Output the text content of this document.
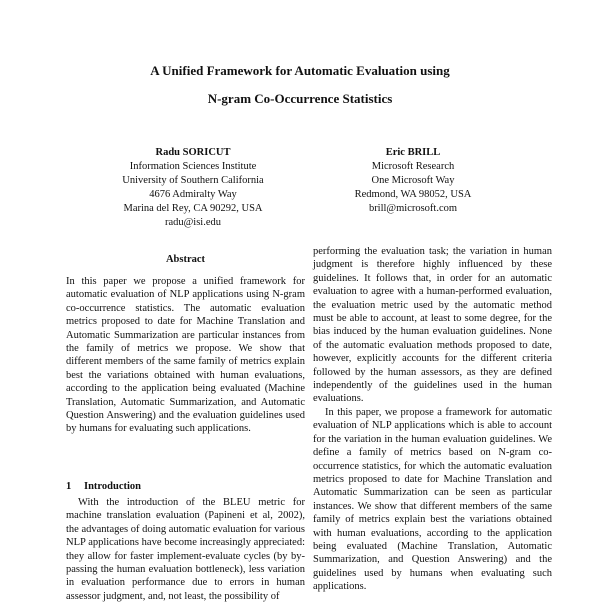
A Unified Framework for Automatic Evaluation using
N-gram Co-Occurrence Statistics
Radu SORICUT
Information Sciences Institute
University of Southern California
4676 Admiralty Way
Marina del Rey, CA 90292, USA
radu@isi.edu
Eric BRILL
Microsoft Research
One Microsoft Way
Redmond, WA 98052, USA
brill@microsoft.com
Abstract
In this paper we propose a unified framework for automatic evaluation of NLP applications using N-gram co-occurrence statistics. The automatic evaluation metrics proposed to date for Machine Translation and Automatic Summarization are particular instances from the family of metrics we propose. We show that different members of the same family of metrics explain best the variations obtained with human evaluations, according to the application being evaluated (Machine Translation, Automatic Summarization, and Automatic Question Answering) and the evaluation guidelines used by humans for evaluating such applications.
1 Introduction
With the introduction of the BLEU metric for machine translation evaluation (Papineni et al, 2002), the advantages of doing automatic evaluation for various NLP applications have become increasingly appreciated: they allow for faster implement-evaluate cycles (by by-passing the human evaluation bottleneck), less variation in evaluation performance due to errors in human assessor judgment, and, not least, the possibility of

performing the evaluation task; the variation in human judgment is therefore highly influenced by these guidelines. It follows that, in order for an automatic evaluation to agree with a human-performed evaluation, the evaluation metric used by the automatic method must be able to account, at least to some degree, for the bias induced by the human evaluation guidelines. None of the automatic evaluation methods proposed to date, however, explicitly accounts for the different criteria followed by the human assessors, as they are defined independently of the guidelines used in the human evaluations.

In this paper, we propose a framework for automatic evaluation of NLP applications which is able to account for the variation in the human evaluation guidelines. We define a family of metrics based on N-gram co-occurrence statistics, for which the automatic evaluation metrics proposed to date for Machine Translation and Automatic Summarization can be seen as particular instances. We show that different members of the same family of metrics explain best the variations obtained with human evaluations, according to the application being evaluated (Machine Translation, Automatic Summarization, and Question Answering) and the guidelines used by humans when evaluating such applications.
